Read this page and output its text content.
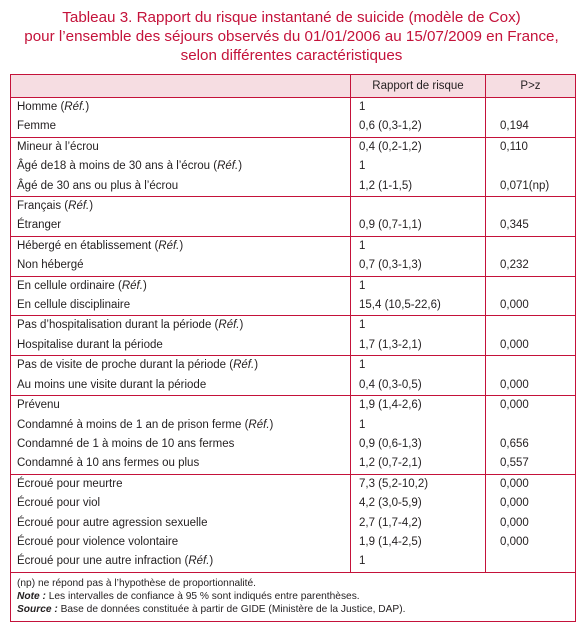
Tableau 3. Rapport du risque instantané de suicide (modèle de Cox)
pour l’ensemble des séjours observés du 01/01/2006 au 15/07/2009 en France,
selon différentes caractéristiques
	Rapport de risque	P>z
Homme (Réf.)	1	
Femme	0,6 (0,3-1,2)	0,194
Mineur à l’écrou	0,4 (0,2-1,2)	0,110
Âgé de18 à moins de 30 ans à l’écrou (Réf.)	1	
Âgé de 30 ans ou plus à l’écrou	1,2 (1-1,5)	0,071(np)
Français (Réf.)		
Étranger	0,9 (0,7-1,1)	0,345
Hébergé en établissement (Réf.)	1	
Non hébergé	0,7 (0,3-1,3)	0,232
En cellule ordinaire (Réf.)	1	
En cellule disciplinaire	15,4 (10,5-22,6)	0,000
Pas d’hospitalisation durant la période (Réf.)	1	
Hospitalise durant la période	1,7 (1,3-2,1)	0,000
Pas de visite de proche durant la période (Réf.)	1	
Au moins une visite durant la période	0,4 (0,3-0,5)	0,000
Prévenu	1,9 (1,4-2,6)	0,000
Condamné à moins de 1 an de prison ferme (Réf.)	1	
Condamné de 1 à moins de 10 ans fermes	0,9 (0,6-1,3)	0,656
Condamné à 10 ans fermes ou plus	1,2 (0,7-2,1)	0,557
Écroué pour meurtre	7,3 (5,2-10,2)	0,000
Écroué pour viol	4,2 (3,0-5,9)	0,000
Écroué pour autre agression sexuelle	2,7 (1,7-4,2)	0,000
Écroué pour violence volontaire	1,9 (1,4-2,5)	0,000
Écroué pour une autre infraction (Réf.)	1	

(np) ne répond pas à l’hypothèse de proportionnalité.
Note : Les intervalles de confiance à 95 % sont indiqués entre parenthèses.
Source : Base de données constituée à partir de GIDE (Ministère de la Justice, DAP).		
